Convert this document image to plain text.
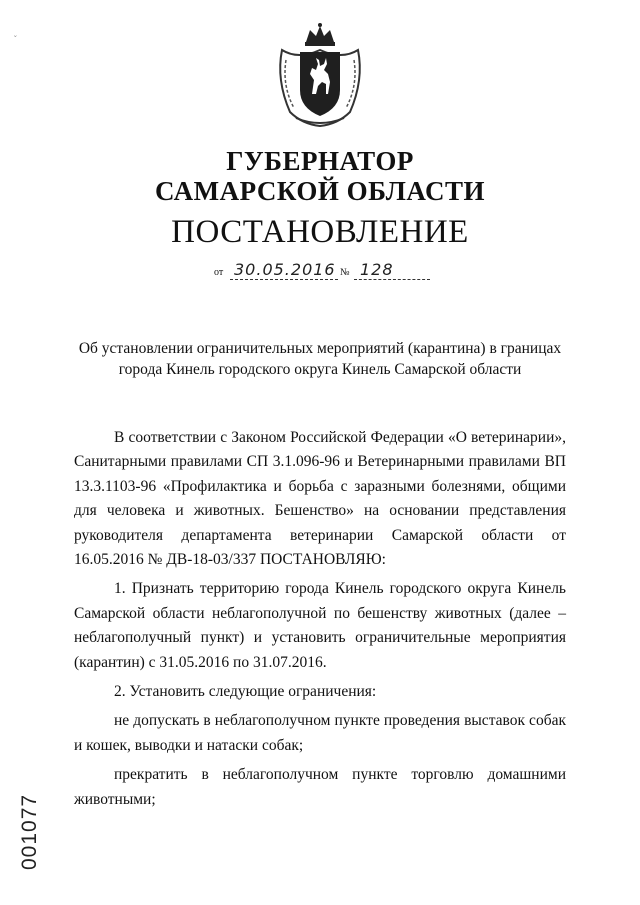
˘
ГУБЕРНАТОР
САМАРСКОЙ ОБЛАСТИ
ПОСТАНОВЛЕНИЕ
от 30.05.2016 № 128
Об установлении ограничительных мероприятий (карантина) в границах
города Кинель городского округа Кинель Самарской области

В соответствии с Законом Российской Федерации «О ветеринарии», Санитарными правилами СП 3.1.096-96 и Ветеринарными правилами ВП 13.3.1103-96 «Профилактика и борьба с заразными болезнями, общими для человека и животных. Бешенство» на основании представления руководителя департамента ветеринарии Самарской области от 16.05.2016 № ДВ-18-03/337 ПОСТАНОВЛЯЮ:

1. Признать территорию города Кинель городского округа Кинель Самарской области неблагополучной по бешенству животных (далее – неблагополучный пункт) и установить ограничительные мероприятия (карантин) с 31.05.2016 по 31.07.2016.

2. Установить следующие ограничения:

не допускать в неблагополучном пункте проведения выставок собак и кошек, выводки и натаски собак;

прекратить в неблагополучном пункте торговлю домашними животными;

001077
